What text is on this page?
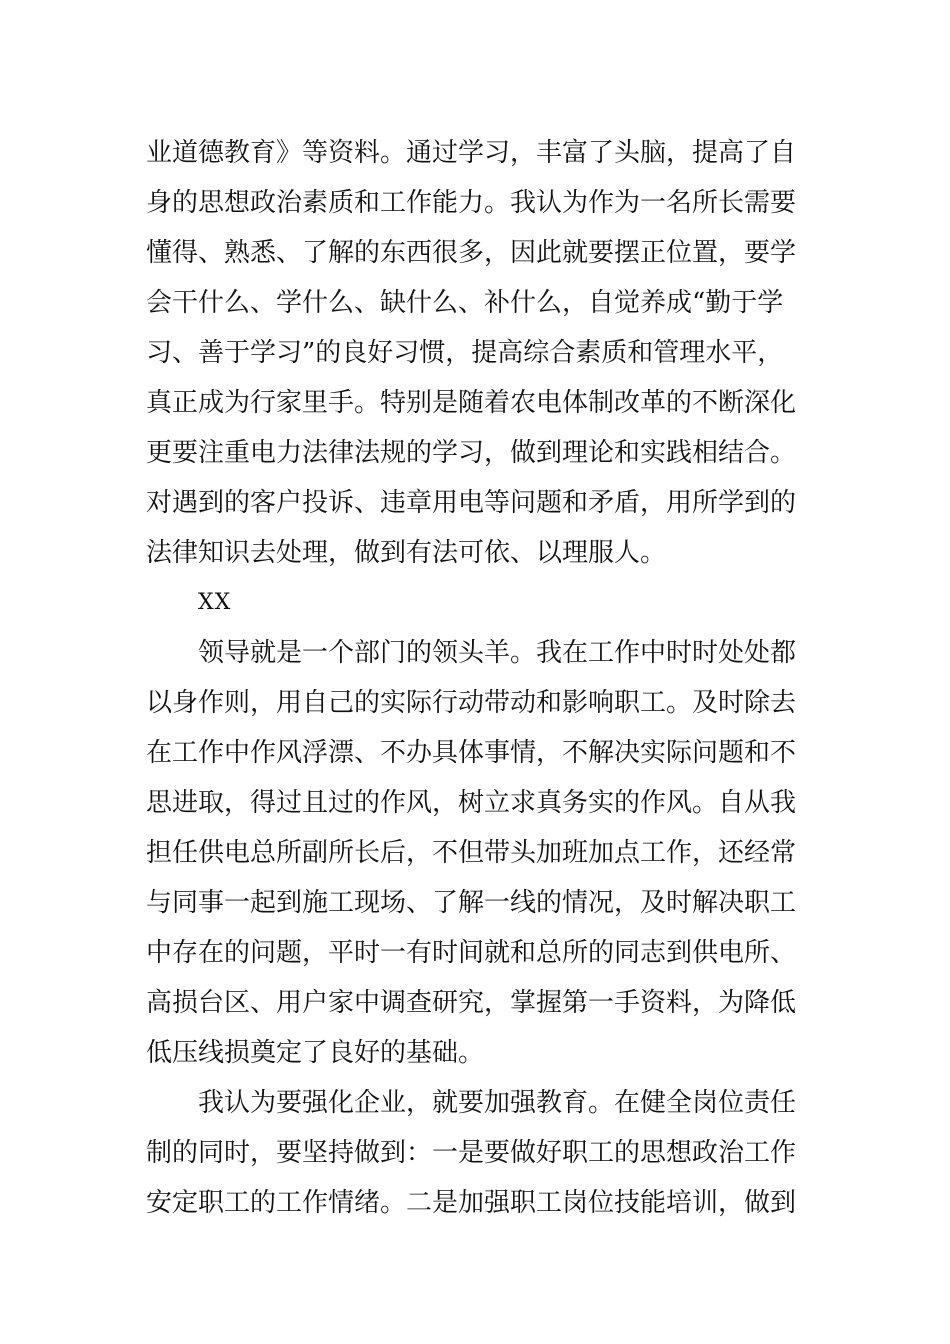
业道德教育》等资料。通过学习，丰富了头脑，提高了自
身的思想政治素质和工作能力。我认为作为一名所长需要
懂得、熟悉、了解的东西很多，因此就要摆正位置，要学
会干什么、学什么、缺什么、补什么，自觉养成“勤于学
习、善于学习”的良好习惯，提高综合素质和管理水平，
真正成为行家里手。特别是随着农电体制改革的不断深化
更要注重电力法律法规的学习，做到理论和实践相结合。
对遇到的客户投诉、违章用电等问题和矛盾，用所学到的
法律知识去处理，做到有法可依、以理服人。
XX
领导就是一个部门的领头羊。我在工作中时时处处都
以身作则，用自己的实际行动带动和影响职工。及时除去
在工作中作风浮漂、不办具体事情，不解决实际问题和不
思进取，得过且过的作风，树立求真务实的作风。自从我
担任供电总所副所长后，不但带头加班加点工作，还经常
与同事一起到施工现场、了解一线的情况，及时解决职工
中存在的问题，平时一有时间就和总所的同志到供电所、
高损台区、用户家中调查研究，掌握第一手资料，为降低
低压线损奠定了良好的基础。
我认为要强化企业，就要加强教育。在健全岗位责任
制的同时，要坚持做到：一是要做好职工的思想政治工作
安定职工的工作情绪。二是加强职工岗位技能培训，做到
